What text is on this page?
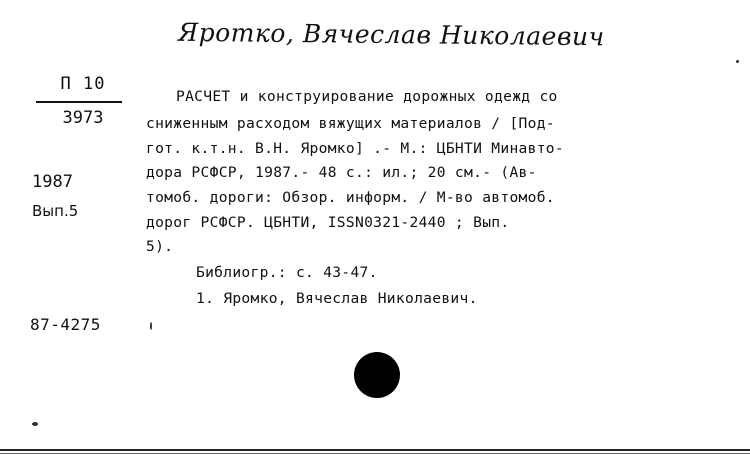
Яротко, Вячеслав Николаевич
П 10
3973
1987
Вып.5
87-4275
РАСЧЕТ и конструирование дорожных одежд со
сниженным расходом вяжущих материалов / [Под-
гот. к.т.н. В.Н. Яромко] .- М.: ЦБНТИ Минавто-
дора РСФСР, 1987.- 48 с.: ил.; 20 см.- (Ав-
томоб. дороги: Обзор. информ. / М-во автомоб.
дорог РСФСР. ЦБНТИ, ISSN0321-2440 ; Вып.
5).
Библиогр.: с. 43-47.
1. Яромко, Вячеслав Николаевич.
